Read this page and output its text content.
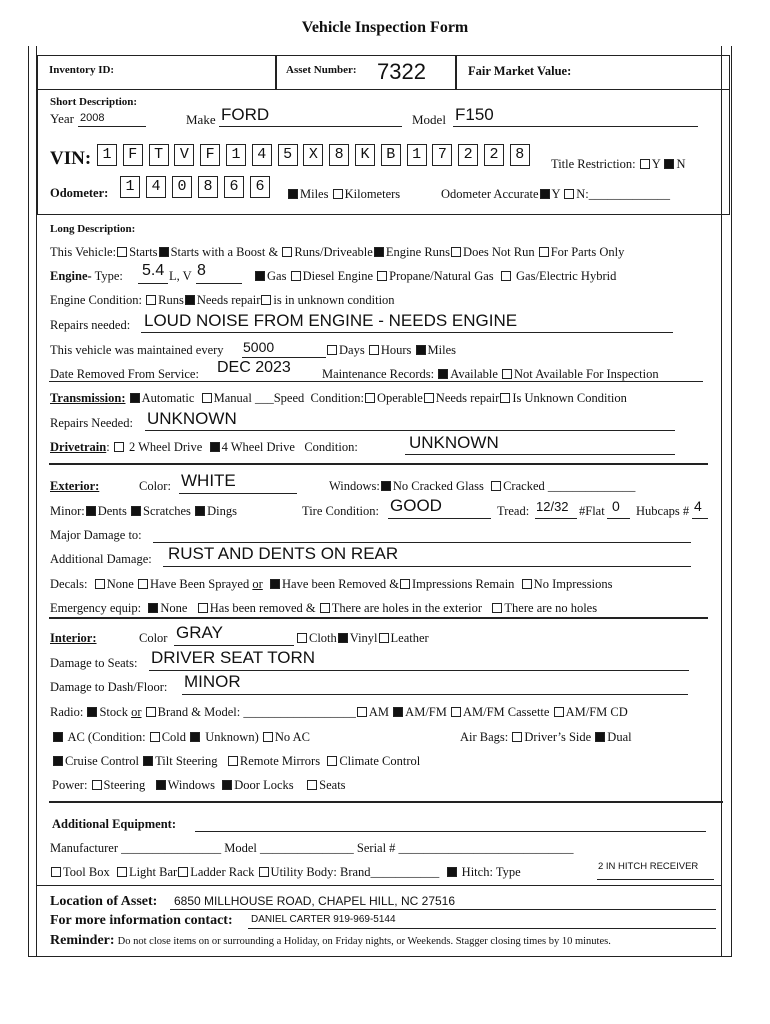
Vehicle Inspection Form
Inventory ID:	Asset Number: 7322	Fair Market Value:
Short Description:
Year 2008	Make FORD	Model F150
VIN: 1	F	T	V	F	1	4	5	X	8	K	B	1	7	2	2	8
Title Restriction: Y N
Odometer:	1	4	0	8	6	6	Miles Kilometers	Odometer Accurate Y N:_____________
Long Description:
This Vehicle: Starts Starts with a Boost & Runs/Driveable Engine Runs Does Not Run For Parts Only
Engine- Type: 5.4 L, V 8	Gas Diesel Engine Propane/Natural Gas Gas/Electric Hybrid
Engine Condition: Runs Needs repair is in unknown condition
Repairs needed: LOUD NOISE FROM ENGINE - NEEDS ENGINE
This vehicle was maintained every 5000	Days Hours Miles
Date Removed From Service: DEC 2023 Maintenance Records: Available Not Available For Inspection
Transmission: Automatic Manual ___Speed Condition: Operable Needs repair Is Unknown Condition
Repairs Needed: UNKNOWN
Drivetrain:  2 Wheel Drive 4 Wheel Drive Condition:	UNKNOWN
Exterior:	Color: WHITE	Windows: No Cracked Glass Cracked ______________
Minor: Dents Scratches Dings	Tire Condition: GOOD	Tread: 12/32 #Flat 0 Hubcaps # 4
Major Damage to:
Additional Damage: RUST AND DENTS ON REAR
Decals: None Have Been Sprayed or Have been Removed & Impressions Remain No Impressions
Emergency equip: None Has been removed & There are holes in the exterior There are no holes
Interior:	Color GRAY	Cloth Vinyl Leather
Damage to Seats: DRIVER SEAT TORN
Damage to Dash/Floor: MINOR
Radio: Stock or Brand & Model: __________________ AM AM/FM AM/FM Cassette AM/FM CD
AC (Condition: Cold Unknown) No AC	Air Bags: Driver’s Side Dual
Cruise Control Tilt Steering Remote Mirrors Climate Control
Power: Steering Windows Door Locks Seats
Additional Equipment:
Manufacturer ________________ Model _______________ Serial # ____________________________
Tool Box Light Bar Ladder Rack Utility Body: Brand___________ Hitch: Type	2 IN HITCH RECEIVER
Location of Asset: 6850 MILLHOUSE ROAD, CHAPEL HILL, NC 27516
For more information contact: DANIEL CARTER 919-969-5144
Reminder: Do not close items on or surrounding a Holiday, on Friday nights, or Weekends. Stagger closing times by 10 minutes.
